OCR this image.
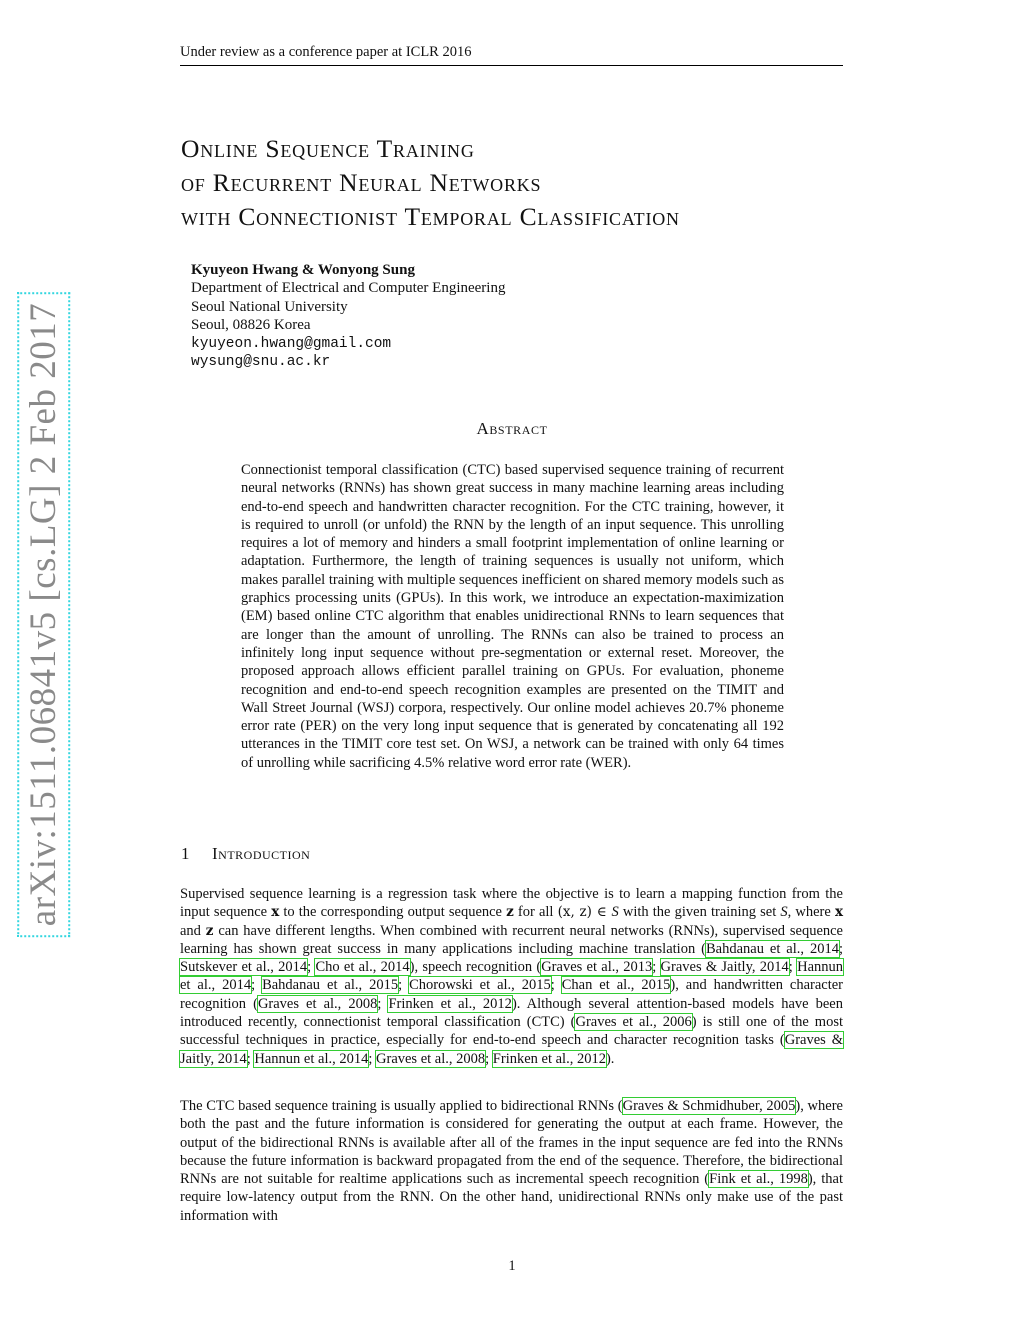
Under review as a conference paper at ICLR 2016
arXiv:1511.06841v5 [cs.LG] 2 Feb 2017
Online Sequence Training
of Recurrent Neural Networks
with Connectionist Temporal Classification
Kyuyeon Hwang & Wonyong Sung
Department of Electrical and Computer Engineering
Seoul National University
Seoul, 08826 Korea
kyuyeon.hwang@gmail.com
wysung@snu.ac.kr
Abstract
Connectionist temporal classification (CTC) based supervised sequence training of recurrent neural networks (RNNs) has shown great success in many machine learning areas including end-to-end speech and handwritten character recognition. For the CTC training, however, it is required to unroll (or unfold) the RNN by the length of an input sequence. This unrolling requires a lot of memory and hinders a small footprint implementation of online learning or adaptation. Furthermore, the length of training sequences is usually not uniform, which makes parallel training with multiple sequences inefficient on shared memory models such as graphics processing units (GPUs). In this work, we introduce an expectation-maximization (EM) based online CTC algorithm that enables unidirectional RNNs to learn sequences that are longer than the amount of unrolling. The RNNs can also be trained to process an infinitely long input sequence without pre-segmentation or external reset. Moreover, the proposed approach allows efficient parallel training on GPUs. For evaluation, phoneme recognition and end-to-end speech recognition examples are presented on the TIMIT and Wall Street Journal (WSJ) corpora, respectively. Our online model achieves 20.7% phoneme error rate (PER) on the very long input sequence that is generated by concatenating all 192 utterances in the TIMIT core test set. On WSJ, a network can be trained with only 64 times of unrolling while sacrificing 4.5% relative word error rate (WER).
1 Introduction
Supervised sequence learning is a regression task where the objective is to learn a mapping function from the input sequence x to the corresponding output sequence z for all (x, z) ∈ S with the given training set S, where x and z can have different lengths. When combined with recurrent neural networks (RNNs), supervised sequence learning has shown great success in many applications including machine translation (Bahdanau et al., 2014; Sutskever et al., 2014; Cho et al., 2014), speech recognition (Graves et al., 2013; Graves & Jaitly, 2014; Hannun et al., 2014; Bahdanau et al., 2015; Chorowski et al., 2015; Chan et al., 2015), and handwritten character recognition (Graves et al., 2008; Frinken et al., 2012). Although several attention-based models have been introduced recently, connectionist temporal classification (CTC) (Graves et al., 2006) is still one of the most successful techniques in practice, especially for end-to-end speech and character recognition tasks (Graves & Jaitly, 2014; Hannun et al., 2014; Graves et al., 2008; Frinken et al., 2012).
The CTC based sequence training is usually applied to bidirectional RNNs (Graves & Schmidhuber, 2005), where both the past and the future information is considered for generating the output at each frame. However, the output of the bidirectional RNNs is available after all of the frames in the input sequence are fed into the RNNs because the future information is backward propagated from the end of the sequence. Therefore, the bidirectional RNNs are not suitable for realtime applications such as incremental speech recognition (Fink et al., 1998), that require low-latency output from the RNN. On the other hand, unidirectional RNNs only make use of the past information with
1
